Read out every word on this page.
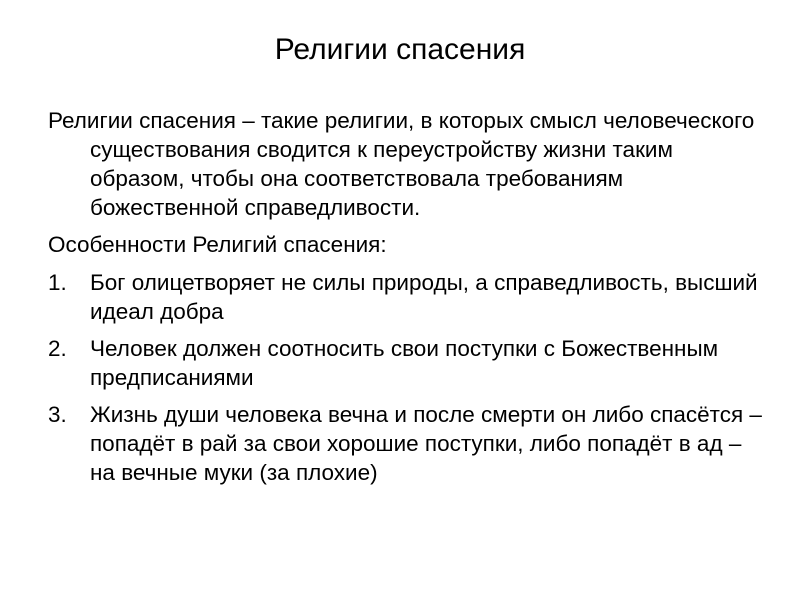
Религии спасения

Религии спасения – такие религии, в которых смысл человеческого существования сводится к переустройству жизни таким образом, чтобы она соответствовала требованиям божественной справедливости.

Особенности Религий спасения:

1. Бог олицетворяет не силы природы, а справедливость, высший идеал добра
2. Человек должен соотносить свои поступки с Божественным предписаниями
3. Жизнь души человека вечна и после смерти он либо спасётся – попадёт в рай за свои хорошие поступки, либо попадёт в ад – на вечные муки (за плохие)
